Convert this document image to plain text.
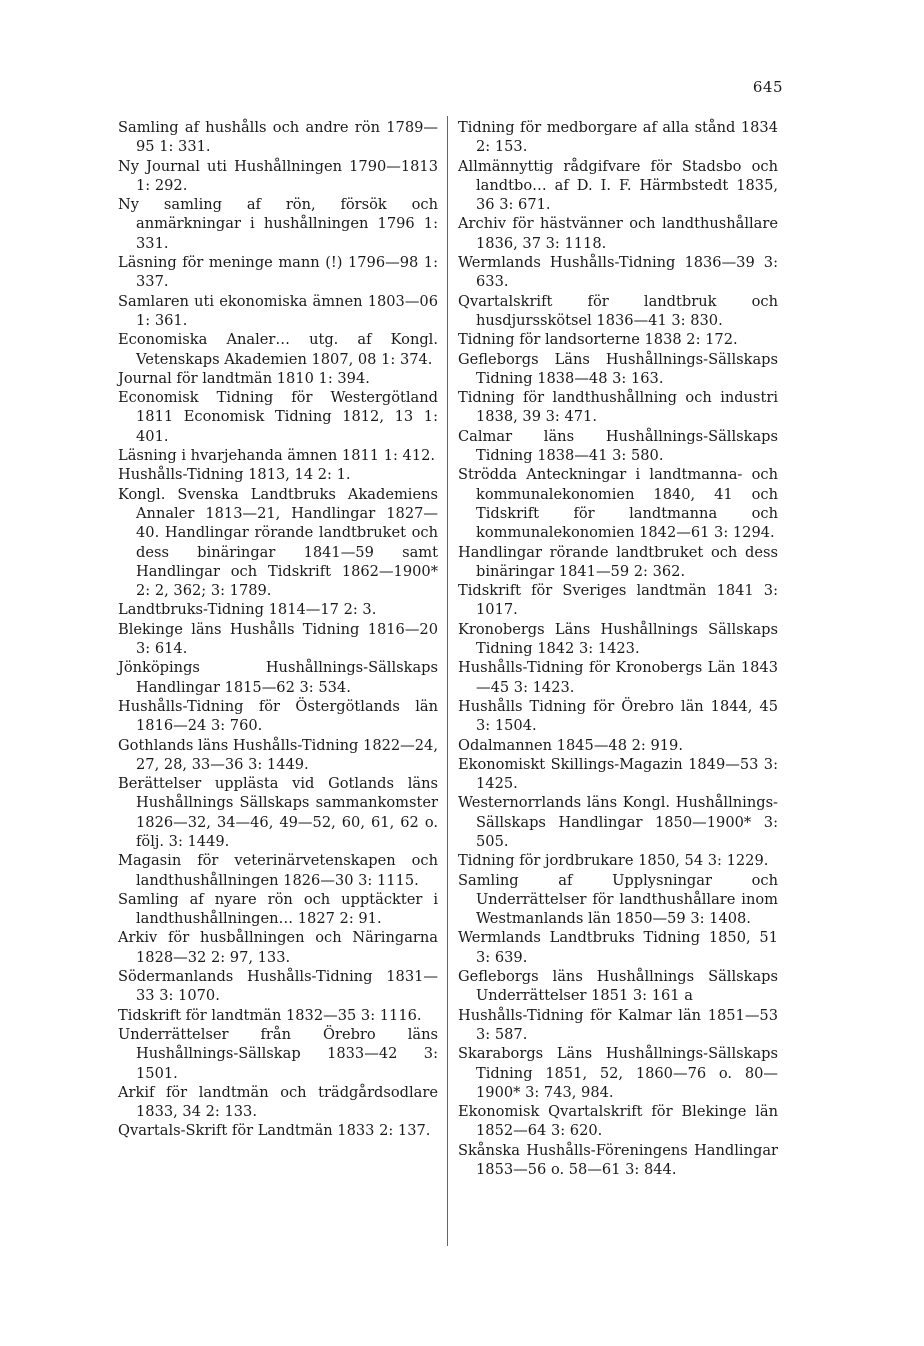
645

Samling af hushålls och andre rön 1789—95 1: 331.

Ny Journal uti Hushållningen 1790—1813 1: 292.

Ny samling af rön, försök och anmärkningar i hushållningen 1796 1: 331.

Läsning för meninge mann (!) 1796—98 1: 337.

Samlaren uti ekonomiska ämnen 1803—06 1: 361.

Economiska Analer… utg. af Kongl. Vetenskaps Akademien 1807, 08 1: 374.

Journal för landtmän 1810 1: 394.

Economisk Tidning för Westergötland 1811 Economisk Tidning 1812, 13 1: 401.

Läsning i hvarjehanda ämnen 1811 1: 412.

Hushålls-Tidning 1813, 14 2: 1.

Kongl. Svenska Landtbruks Akademiens Annaler 1813—21, Handlingar 1827—40. Handlingar rörande landtbruket och dess binäringar 1841—59 samt Handlingar och Tidskrift 1862—1900* 2: 2, 362; 3: 1789.

Landtbruks-Tidning 1814—17 2: 3.

Blekinge läns Hushålls Tidning 1816—20 3: 614.

Jönköpings Hushållnings-Sällskaps Handlingar 1815—62 3: 534.

Hushålls-Tidning för Östergötlands län 1816—24 3: 760.

Gothlands läns Hushålls-Tidning 1822—24, 27, 28, 33—36 3: 1449.

Berättelser upplästa vid Gotlands läns Hushållnings Sällskaps sammankomster 1826—32, 34—46, 49—52, 60, 61, 62 o. följ. 3: 1449.

Magasin för veterinärvetenskapen och landthushållningen 1826—30 3: 1115.

Samling af nyare rön och upptäckter i landthushållningen… 1827 2: 91.

Arkiv för husbållningen och Näringarna 1828—32 2: 97, 133.

Södermanlands Hushålls-Tidning 1831—33 3: 1070.

Tidskrift för landtmän 1832—35 3: 1116.

Underrättelser från Örebro läns Hushållnings-Sällskap 1833—42 3: 1501.

Arkif för landtmän och trädgårdsodlare 1833, 34 2: 133.

Qvartals-Skrift för Landtmän 1833 2: 137.

Tidning för medborgare af alla stånd 1834 2: 153.

Allmännyttig rådgifvare för Stadsbo och landtbo… af D. I. F. Härmbstedt 1835, 36 3: 671.

Archiv för hästvänner och landthushållare 1836, 37 3: 1118.

Wermlands Hushålls-Tidning 1836—39 3: 633.

Qvartalskrift för landtbruk och husdjursskötsel 1836—41 3: 830.

Tidning för landsorterne 1838 2: 172.

Gefleborgs Läns Hushållnings-Sällskaps Tidning 1838—48 3: 163.

Tidning för landthushållning och industri 1838, 39 3: 471.

Calmar läns Hushållnings-Sällskaps Tidning 1838—41 3: 580.

Strödda Anteckningar i landtmanna- och kommunalekonomien 1840, 41 och Tidskrift för landtmanna och kommunalekonomien 1842—61 3: 1294.

Handlingar rörande landtbruket och dess binäringar 1841—59 2: 362.

Tidskrift för Sveriges landtmän 1841 3: 1017.

Kronobergs Läns Hushållnings Sällskaps Tidning 1842 3: 1423.

Hushålls-Tidning för Kronobergs Län 1843—45 3: 1423.

Hushålls Tidning för Örebro län 1844, 45 3: 1504.

Odalmannen 1845—48 2: 919.

Ekonomiskt Skillings-Magazin 1849—53 3: 1425.

Westernorrlands läns Kongl. Hushållnings-Sällskaps Handlingar 1850—1900* 3: 505.

Tidning för jordbrukare 1850, 54 3: 1229.

Samling af Upplysningar och Underrättelser för landthushållare inom Westmanlands län 1850—59 3: 1408.

Wermlands Landtbruks Tidning 1850, 51 3: 639.

Gefleborgs läns Hushållnings Sällskaps Underrättelser 1851 3: 161 a

Hushålls-Tidning för Kalmar län 1851—53 3: 587.

Skaraborgs Läns Hushållnings-Sällskaps Tidning 1851, 52, 1860—76 o. 80—1900* 3: 743, 984.

Ekonomisk Qvartalskrift för Blekinge län 1852—64 3: 620.

Skånska Hushålls-Föreningens Handlingar 1853—56 o. 58—61 3: 844.
